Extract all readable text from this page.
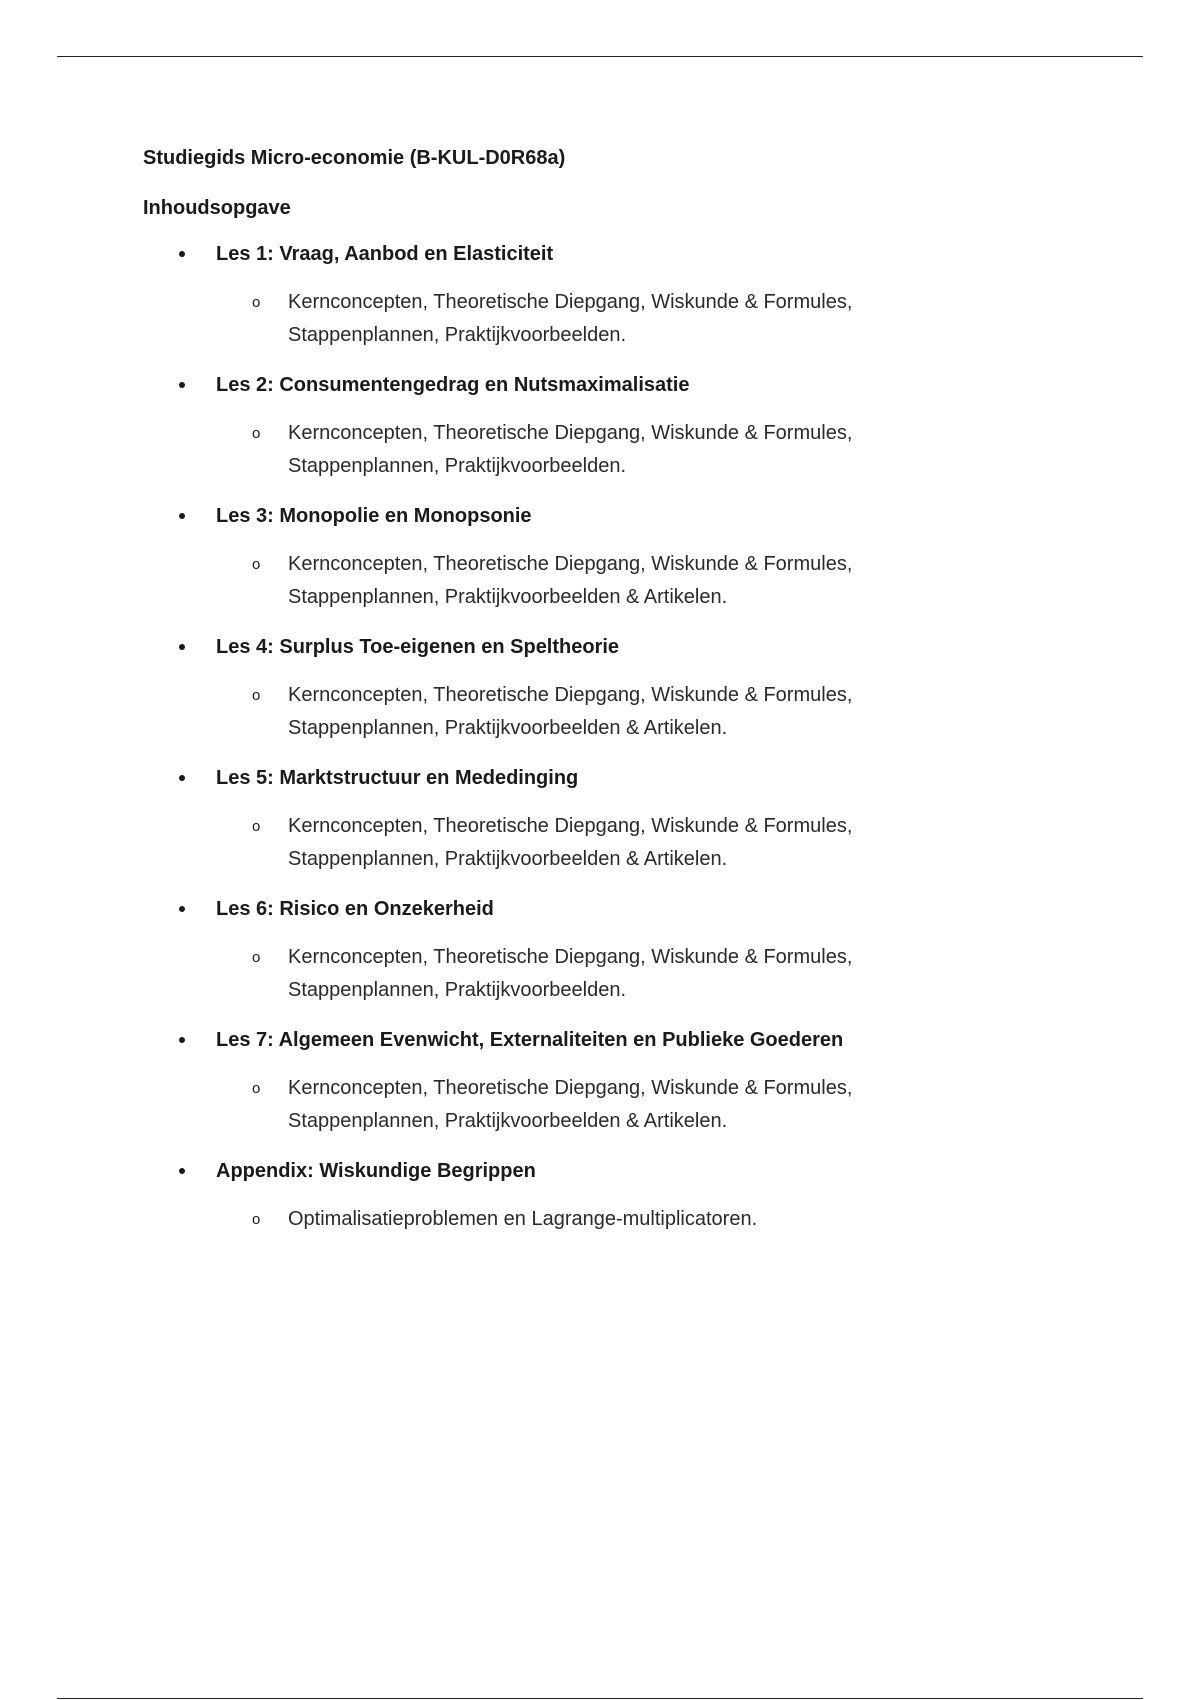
Studiegids Micro-economie (B-KUL-D0R68a)
Inhoudsopgave
Les 1: Vraag, Aanbod en Elasticiteit
o Kernconcepten, Theoretische Diepgang, Wiskunde & Formules, Stappenplannen, Praktijkvoorbeelden.
Les 2: Consumentengedrag en Nutsmaximalisatie
o Kernconcepten, Theoretische Diepgang, Wiskunde & Formules, Stappenplannen, Praktijkvoorbeelden.
Les 3: Monopolie en Monopsonie
o Kernconcepten, Theoretische Diepgang, Wiskunde & Formules, Stappenplannen, Praktijkvoorbeelden & Artikelen.
Les 4: Surplus Toe-eigenen en Speltheorie
o Kernconcepten, Theoretische Diepgang, Wiskunde & Formules, Stappenplannen, Praktijkvoorbeelden & Artikelen.
Les 5: Marktstructuur en Mededinging
o Kernconcepten, Theoretische Diepgang, Wiskunde & Formules, Stappenplannen, Praktijkvoorbeelden & Artikelen.
Les 6: Risico en Onzekerheid
o Kernconcepten, Theoretische Diepgang, Wiskunde & Formules, Stappenplannen, Praktijkvoorbeelden.
Les 7: Algemeen Evenwicht, Externaliteiten en Publieke Goederen
o Kernconcepten, Theoretische Diepgang, Wiskunde & Formules, Stappenplannen, Praktijkvoorbeelden & Artikelen.
Appendix: Wiskundige Begrippen
o Optimalisatieproblemen en Lagrange-multiplicatoren.
